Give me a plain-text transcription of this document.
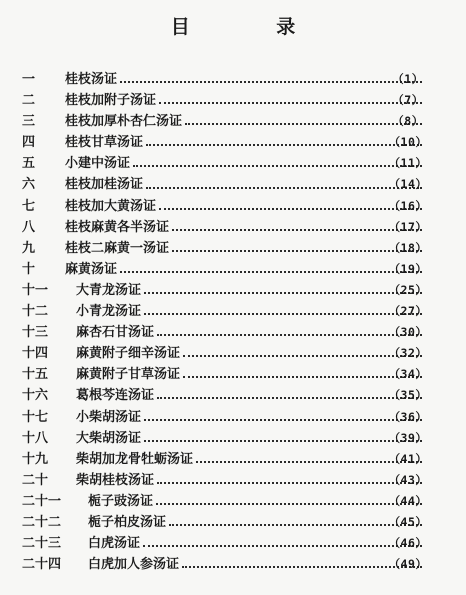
目 录
一	桂枝汤证	（1）
二	桂枝加附子汤证	（7）
三	桂枝加厚朴杏仁汤证	（8）
四	桂枝甘草汤证	（10）
五	小建中汤证	（11）
六	桂枝加桂汤证	（14）
七	桂枝加大黄汤证	（16）
八	桂枝麻黄各半汤证	（17）
九	桂枝二麻黄一汤证	（18）
十	麻黄汤证	（19）
十一	大青龙汤证	（25）
十二	小青龙汤证	（27）
十三	麻杏石甘汤证	（30）
十四	麻黄附子细辛汤证	（32）
十五	麻黄附子甘草汤证	（34）
十六	葛根芩连汤证	（35）
十七	小柴胡汤证	（36）
十八	大柴胡汤证	（39）
十九	柴胡加龙骨牡蛎汤证	（41）
二十	柴胡桂枝汤证	（43）
二十一	栀子豉汤证	（44）
二十二	栀子柏皮汤证	（45）
二十三	白虎汤证	（46）
二十四	白虎加人参汤证	（49）
